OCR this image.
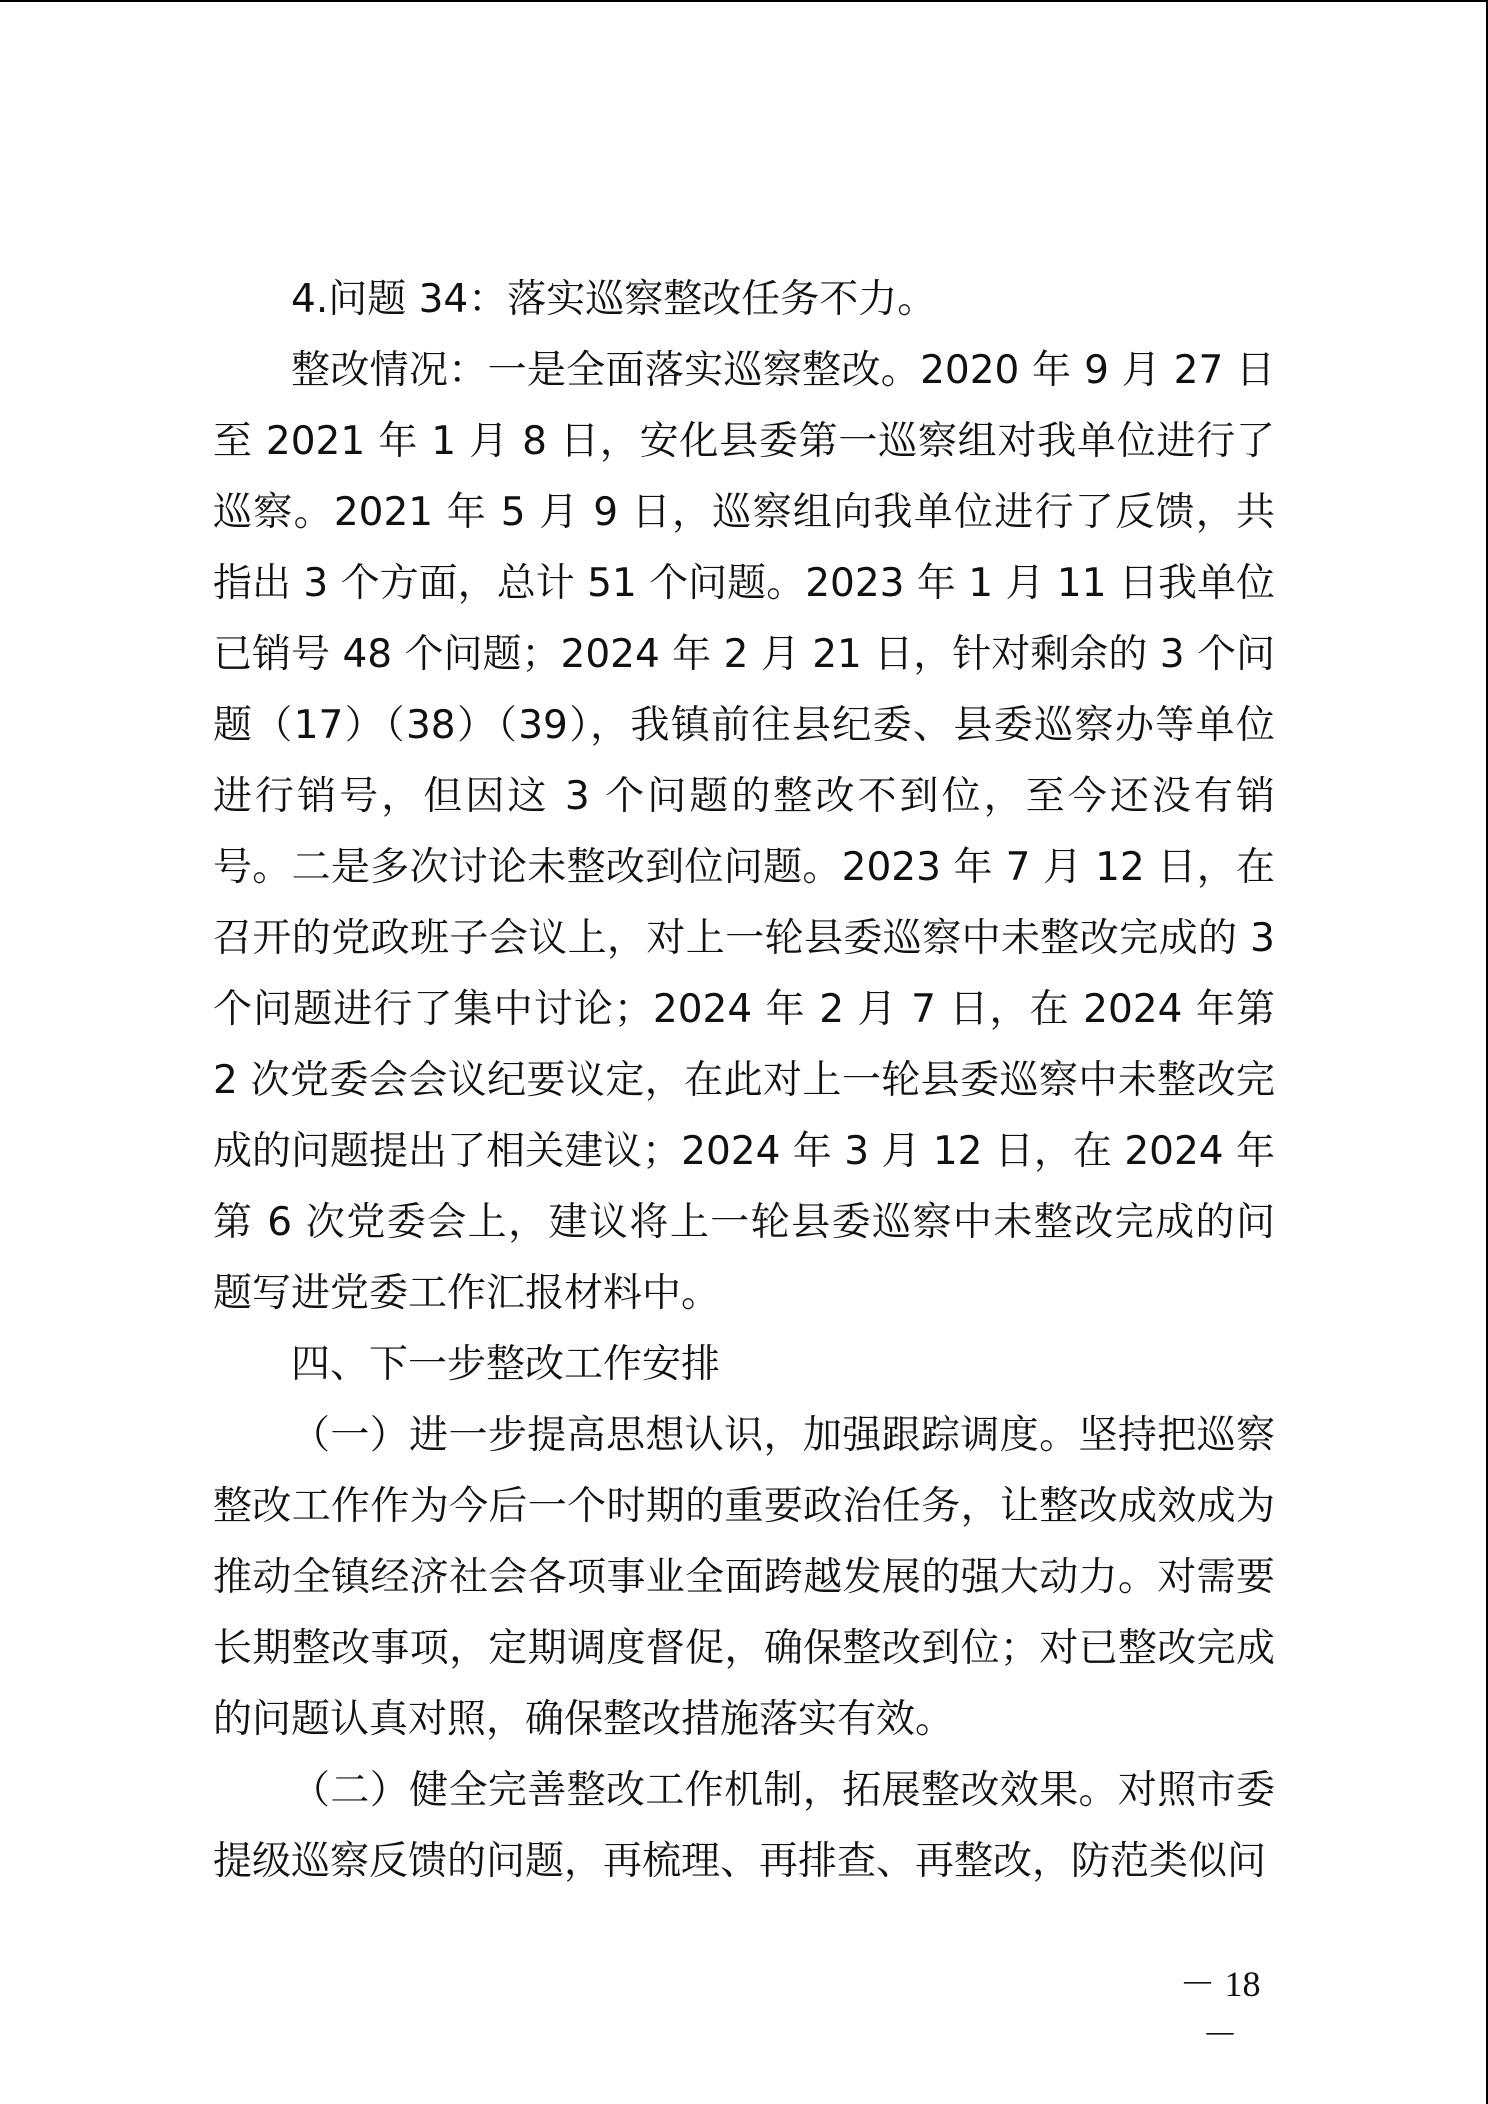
4.问题 34：落实巡察整改任务不力。

整改情况：一是全面落实巡察整改。2020 年 9 月 27 日至 2021 年 1 月 8 日，安化县委第一巡察组对我单位进行了巡察。2021 年 5 月 9 日，巡察组向我单位进行了反馈，共指出 3 个方面，总计 51 个问题。2023 年 1 月 11 日我单位已销号 48 个问题；2024 年 2 月 21 日，针对剩余的 3 个问题（17）（38）（39），我镇前往县纪委、县委巡察办等单位进行销号，但因这 3 个问题的整改不到位，至今还没有销号。二是多次讨论未整改到位问题。2023 年 7 月 12 日，在召开的党政班子会议上，对上一轮县委巡察中未整改完成的 3 个问题进行了集中讨论；2024 年 2 月 7 日，在 2024 年第 2 次党委会会议纪要议定，在此对上一轮县委巡察中未整改完成的问题提出了相关建议；2024 年 3 月 12 日，在 2024 年第 6 次党委会上，建议将上一轮县委巡察中未整改完成的问题写进党委工作汇报材料中。

四、下一步整改工作安排

（一）进一步提高思想认识，加强跟踪调度。坚持把巡察整改工作作为今后一个时期的重要政治任务，让整改成效成为推动全镇经济社会各项事业全面跨越发展的强大动力。对需要长期整改事项，定期调度督促，确保整改到位；对已整改完成的问题认真对照，确保整改措施落实有效。

（二）健全完善整改工作机制，拓展整改效果。对照市委提级巡察反馈的问题，再梳理、再排查、再整改，防范类似问

－ 18 －
